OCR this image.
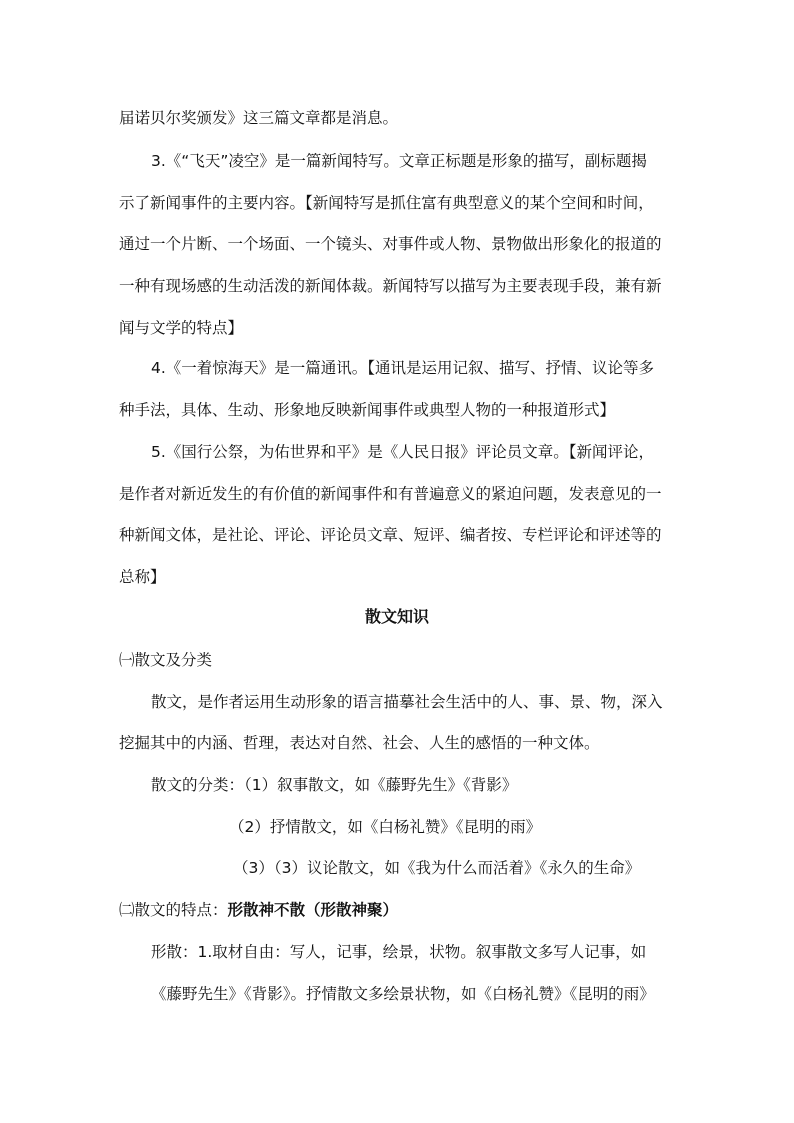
届诺贝尔奖颁发》这三篇文章都是消息。
3.《“飞天”凌空》是一篇新闻特写。文章正标题是形象的描写，副标题揭
示了新闻事件的主要内容。【新闻特写是抓住富有典型意义的某个空间和时间，
通过一个片断、一个场面、一个镜头、对事件或人物、景物做出形象化的报道的
一种有现场感的生动活泼的新闻体裁。新闻特写以描写为主要表现手段，兼有新
闻与文学的特点】
4.《一着惊海天》是一篇通讯。【通讯是运用记叙、描写、抒情、议论等多
种手法，具体、生动、形象地反映新闻事件或典型人物的一种报道形式】
5.《国行公祭，为佑世界和平》是《人民日报》评论员文章。【新闻评论，
是作者对新近发生的有价值的新闻事件和有普遍意义的紧迫问题，发表意见的一
种新闻文体，是社论、评论、评论员文章、短评、编者按、专栏评论和评述等的
总称】
散文知识
㈠散文及分类
散文，是作者运用生动形象的语言描摹社会生活中的人、事、景、物，深入
挖掘其中的内涵、哲理，表达对自然、社会、人生的感悟的一种文体。
散文的分类：（1）叙事散文，如《藤野先生》《背影》
（2）抒情散文，如《白杨礼赞》《昆明的雨》
（3）（3）议论散文，如《我为什么而活着》《永久的生命》
㈡散文的特点：形散神不散（形散神聚）
形散：1.取材自由：写人，记事，绘景，状物。叙事散文多写人记事，如
《藤野先生》《背影》。抒情散文多绘景状物，如《白杨礼赞》《昆明的雨》
